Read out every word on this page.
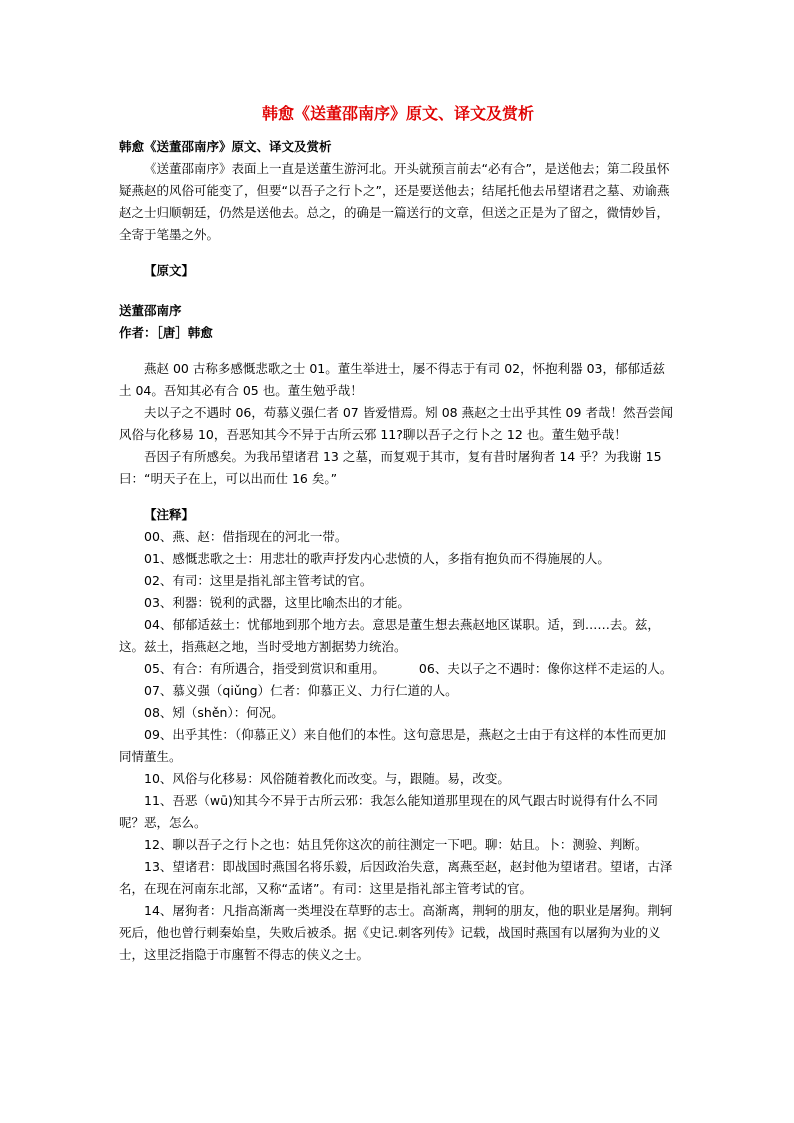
韩愈《送董邵南序》原文、译文及赏析

韩愈《送董邵南序》原文、译文及赏析

《送董邵南序》表面上一直是送董生游河北。开头就预言前去“必有合”，是送他去；第二段虽怀疑燕赵的风俗可能变了，但要“以吾子之行卜之”，还是要送他去；结尾托他去吊望诸君之墓、劝谕燕赵之士归顺朝廷，仍然是送他去。总之，的确是一篇送行的文章，但送之正是为了留之，微情妙旨，全寄于笔墨之外。

【原文】

送董邵南序

作者：［唐］韩愈

燕赵 00 古称多感慨悲歌之士 01。董生举进士，屡不得志于有司 02，怀抱利器 03，郁郁适兹土 04。吾知其必有合 05 也。董生勉乎哉！

夫以子之不遇时 06，苟慕义强仁者 07 皆爱惜焉。矧 08 燕赵之士出乎其性 09 者哉！然吾尝闻风俗与化移易 10，吾恶知其今不异于古所云邪 11?聊以吾子之行卜之 12 也。董生勉乎哉！

吾因子有所感矣。为我吊望诸君 13 之墓，而复观于其市，复有昔时屠狗者 14 乎？为我谢 15 曰：“明天子在上，可以出而仕 16 矣。”

【注释】

00、燕、赵：借指现在的河北一带。

01、感慨悲歌之士：用悲壮的歌声抒发内心悲愤的人，多指有抱负而不得施展的人。

02、有司：这里是指礼部主管考试的官。

03、利器：锐利的武器，这里比喻杰出的才能。

04、郁郁适兹土：忧郁地到那个地方去。意思是董生想去燕赵地区谋职。适，到……去。兹，这。兹土，指燕赵之地，当时受地方割据势力统治。

05、有合：有所遇合，指受到赏识和重用。	06、夫以子之不遇时：像你这样不走运的人。

07、慕义强（qiǔng）仁者：仰慕正义、力行仁道的人。

08、矧（shěn）：何况。

09、出乎其性：（仰慕正义）来自他们的本性。这句意思是，燕赵之士由于有这样的本性而更加同情董生。

10、风俗与化移易：风俗随着教化而改变。与，跟随。易，改变。

11、吾恶（wū)知其今不异于古所云邪：我怎么能知道那里现在的风气跟古时说得有什么不同呢？恶，怎么。

12、聊以吾子之行卜之也：姑且凭你这次的前往测定一下吧。聊：姑且。卜：测验、判断。

13、望诸君：即战国时燕国名将乐毅，后因政治失意，离燕至赵，赵封他为望诸君。望诸，古泽名，在现在河南东北部，又称“孟诸”。有司：这里是指礼部主管考试的官。

14、屠狗者：凡指高渐离一类埋没在草野的志士。高渐离，荆轲的朋友，他的职业是屠狗。荆轲死后，他也曾行刺秦始皇，失败后被杀。据《史记.刺客列传》记载，战国时燕国有以屠狗为业的义士，这里泛指隐于市廛暂不得志的侠义之士。
